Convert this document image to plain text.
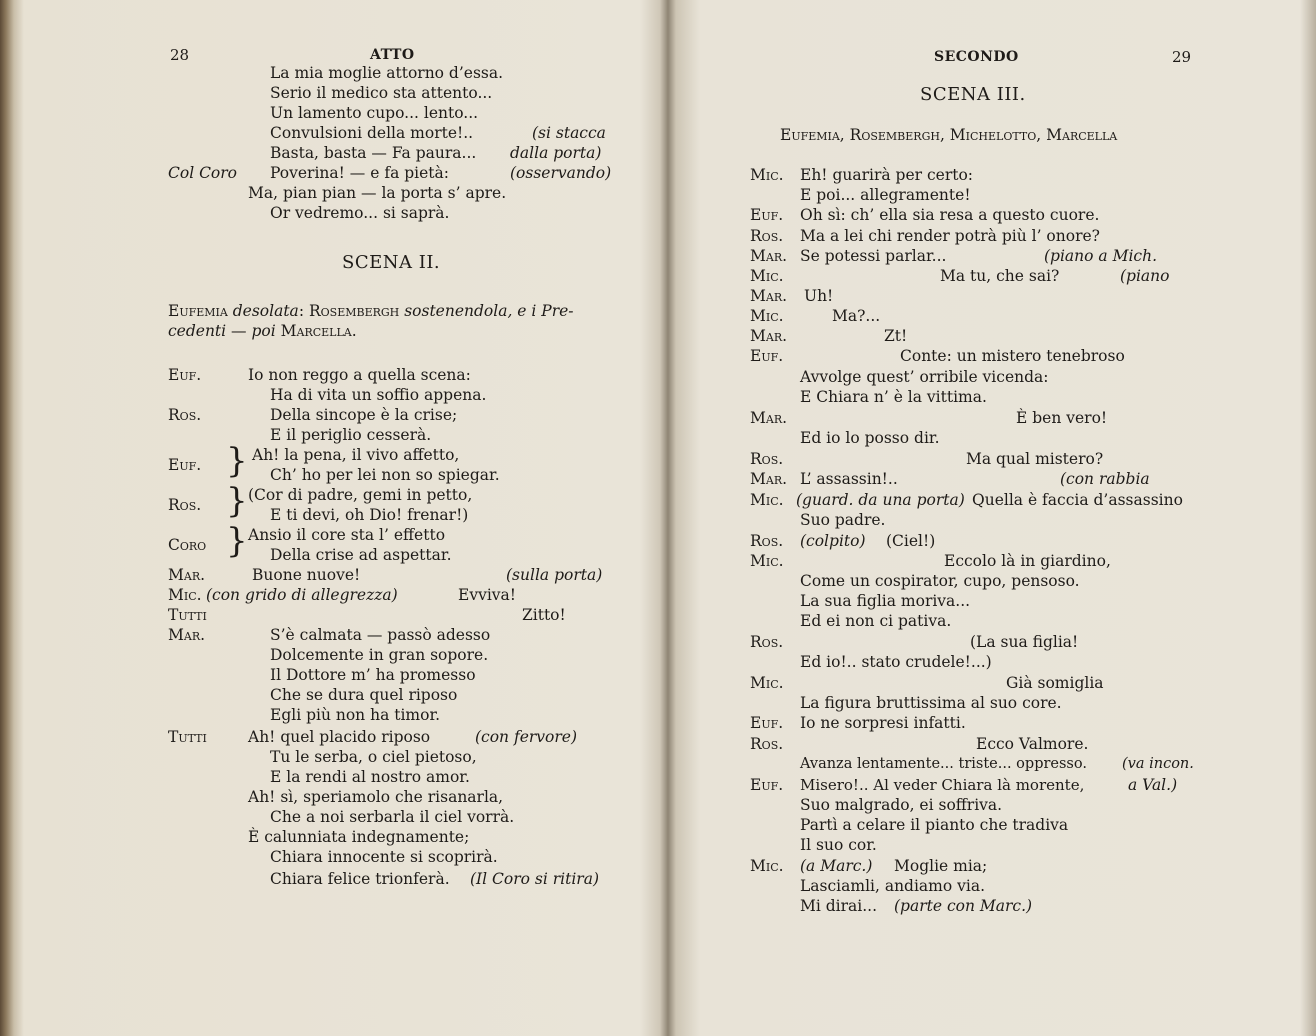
28	ATTO
La mia moglie attorno d’essa.
Serio il medico sta attento...
Un lamento cupo... lento...
Convulsioni della morte!..	(si stacca
Basta, basta — Fa paura... dalla porta)
Col Coro Poverina! — e fa pietà:	(osservando)
Ma, pian pian — la porta s’ apre.
Or vedremo... si saprà.
SCENA II.
Eufemia desolata: Rosembergh sostenendola, e i Pre-
cedenti — poi Marcella.
Euf.	Io non reggo a quella scena:
Ha di vita un soffio appena.
Ros.	Della sincope è la crise;
E il periglio cesserà.
Euf. } Ah! la pena, il vivo affetto,
Ch’ ho per lei non so spiegar.
Ros. } (Cor di padre, gemi in petto,
E ti devi, oh Dio! frenar!)
Coro } Ansio il core sta l’ effetto
Della crise ad aspettar.
Mar.	Buone nuove!	(sulla porta)
Mic. (con grido di allegrezza)	Evviva!
Tutti	Zitto!
Mar.	S’è calmata — passò adesso
Dolcemente in gran sopore.
Il Dottore m’ ha promesso
Che se dura quel riposo
Egli più non ha timor.
Tutti	Ah! quel placido riposo	(con fervore)
Tu le serba, o ciel pietoso,
E la rendi al nostro amor.
Ah! sì, speriamolo che risanarla,
Che a noi serbarla il ciel vorrà.
È calunniata indegnamente;
Chiara innocente si scoprirà.
Chiara felice trionferà. (Il Coro si ritira)
SECONDO	29
SCENA III.
Eufemia, Rosembergh, Michelotto, Marcella
Mic. Eh! guarirà per certo:
E poi... allegramente!
Euf. Oh sì: ch’ ella sia resa a questo cuore.
Ros. Ma a lei chi render potrà più l’ onore?
Mar. Se potessi parlar...	(piano a Mich.
Mic.	Ma tu, che sai?	(piano
Mar. Uh!
Mic.	Ma?...
Mar.	Zt!
Euf.	Conte: un mistero tenebroso
Avvolge quest’ orribile vicenda:
E Chiara n’ è la vittima.
Mar.	È ben vero!
Ed io lo posso dir.
Ros.	Ma qual mistero?
Mar. L’ assassin!..	(con rabbia
Mic. (guard. da una porta) Quella è faccia d’assassino
Suo padre.
Ros. (colpito) (Ciel!)
Mic.	Eccolo là in giardino,
Come un cospirator, cupo, pensoso.
La sua figlia moriva...
Ed ei non ci pativa.
Ros.	(La sua figlia!
Ed io!.. stato crudele!...)
Mic.	Già somiglia
La figura bruttissima al suo core.
Euf. Io ne sorpresi infatti.
Ros.	Ecco Valmore.
Avanza lentamente... triste... oppresso. (va incon.
Euf. Misero!.. Al veder Chiara là morente,	a Val.)
Suo malgrado, ei soffriva.
Partì a celare il pianto che tradiva
Il suo cor.
Mic. (a Marc.) Moglie mia;
Lasciamli, andiamo via.
Mi dirai... (parte con Marc.)
